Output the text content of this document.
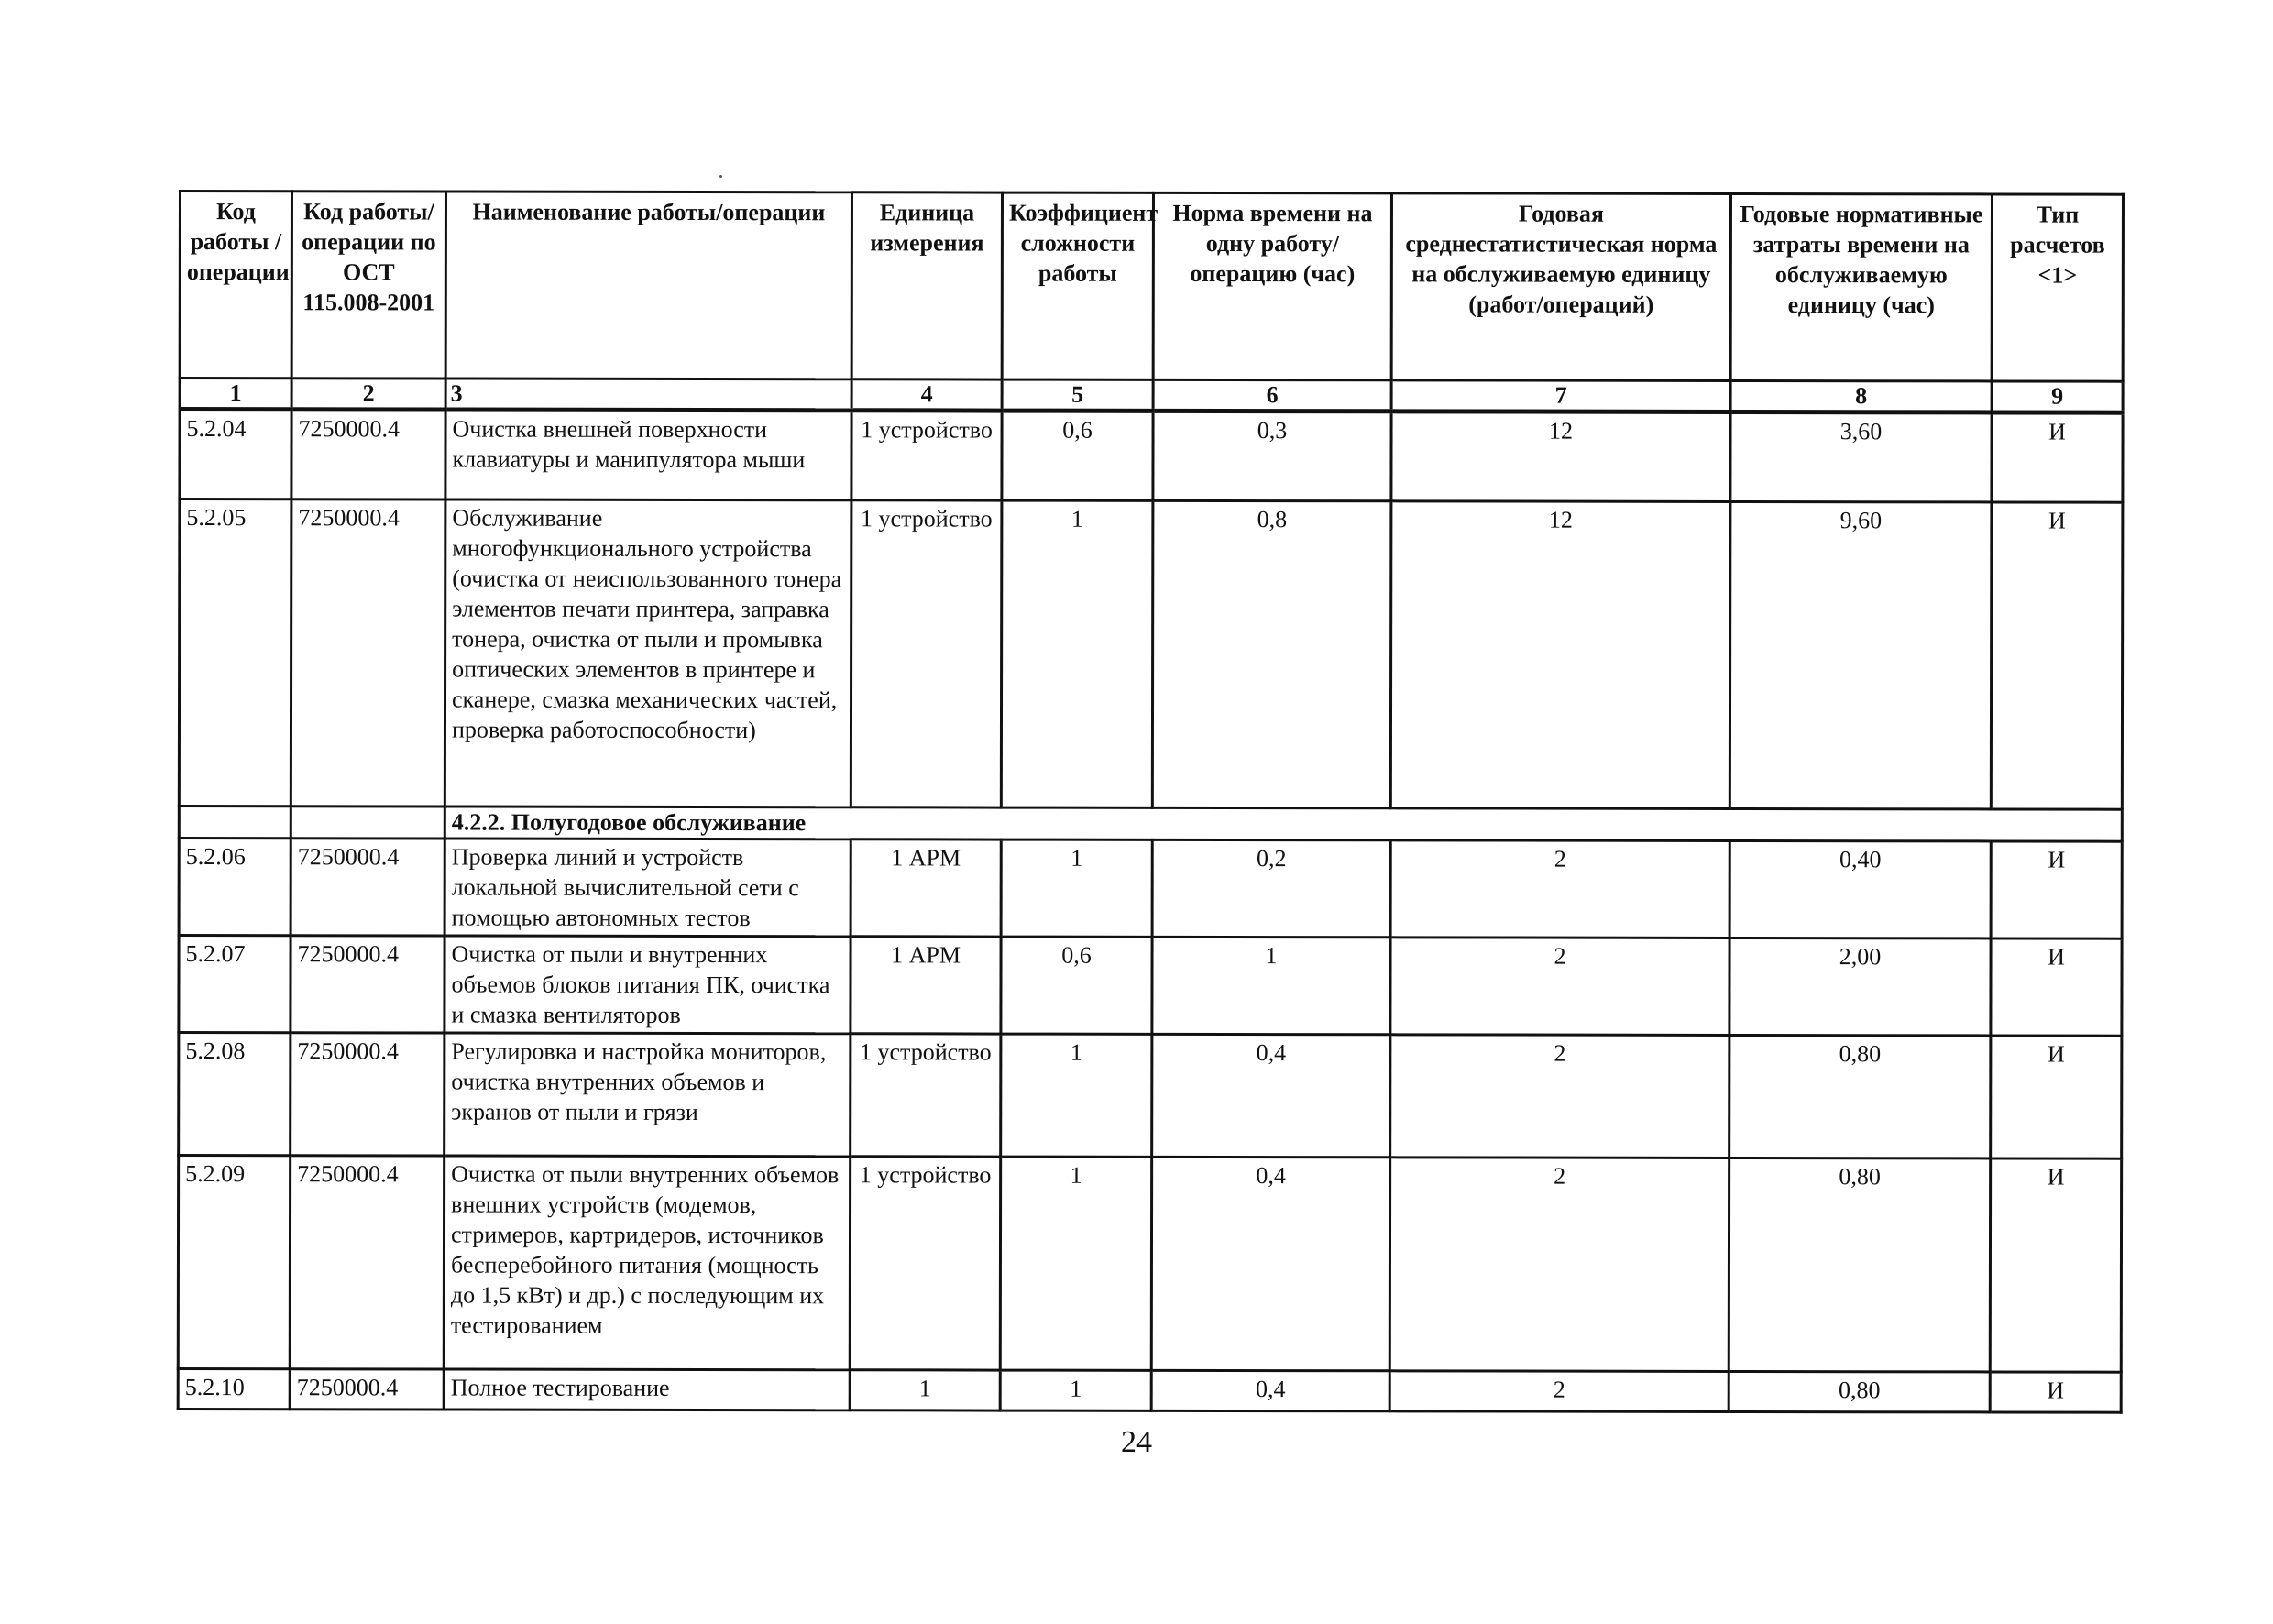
Код работы /операции	Код работы/операции по ОСТ 115.008-2001	Наименование работы/операции	Единица измерения	Коэффициент сложности работы	Норма времени на одну работу/операцию (час)	Годовая среднестатистическая норма на обслуживаемую единицу (работ/операций)	Годовые нормативные затраты времени на обслуживаемую единицу (час)	Тип расчетов <1>
1	2	3	4	5	6	7	8	9
5.2.04	7250000.4	Очистка внешней поверхности клавиатуры и манипулятора мыши	1 устройство	0,6	0,3	12	3,60	И
5.2.05	7250000.4	Обслуживание многофункционального устройства (очистка от неиспользованного тонера элементов печати принтера, заправка тонера, очистка от пыли и промывка оптических элементов в принтере и сканере, смазка механических частей, проверка работоспособности)	1 устройство	1	0,8	12	9,60	И
		4.2.2. Полугодовое обслуживание						
5.2.06	7250000.4	Проверка линий и устройств локальной вычислительной сети с помощью автономных тестов	1 АРМ	1	0,2	2	0,40	И
5.2.07	7250000.4	Очистка от пыли и внутренних объемов блоков питания ПК, очистка и смазка вентиляторов	1 АРМ	0,6	1	2	2,00	И
5.2.08	7250000.4	Регулировка и настройка мониторов, очистка внутренних объемов и экранов от пыли и грязи	1 устройство	1	0,4	2	0,80	И
5.2.09	7250000.4	Очистка от пыли внутренних объемов внешних устройств (модемов, стримеров, картридеров, источников бесперебойного питания (мощность до 1,5 кВт) и др.) с последующим их тестированием	1 устройство	1	0,4	2	0,80	И
5.2.10	7250000.4	Полное тестирование	1	1	0,4	2	0,80	И
24
